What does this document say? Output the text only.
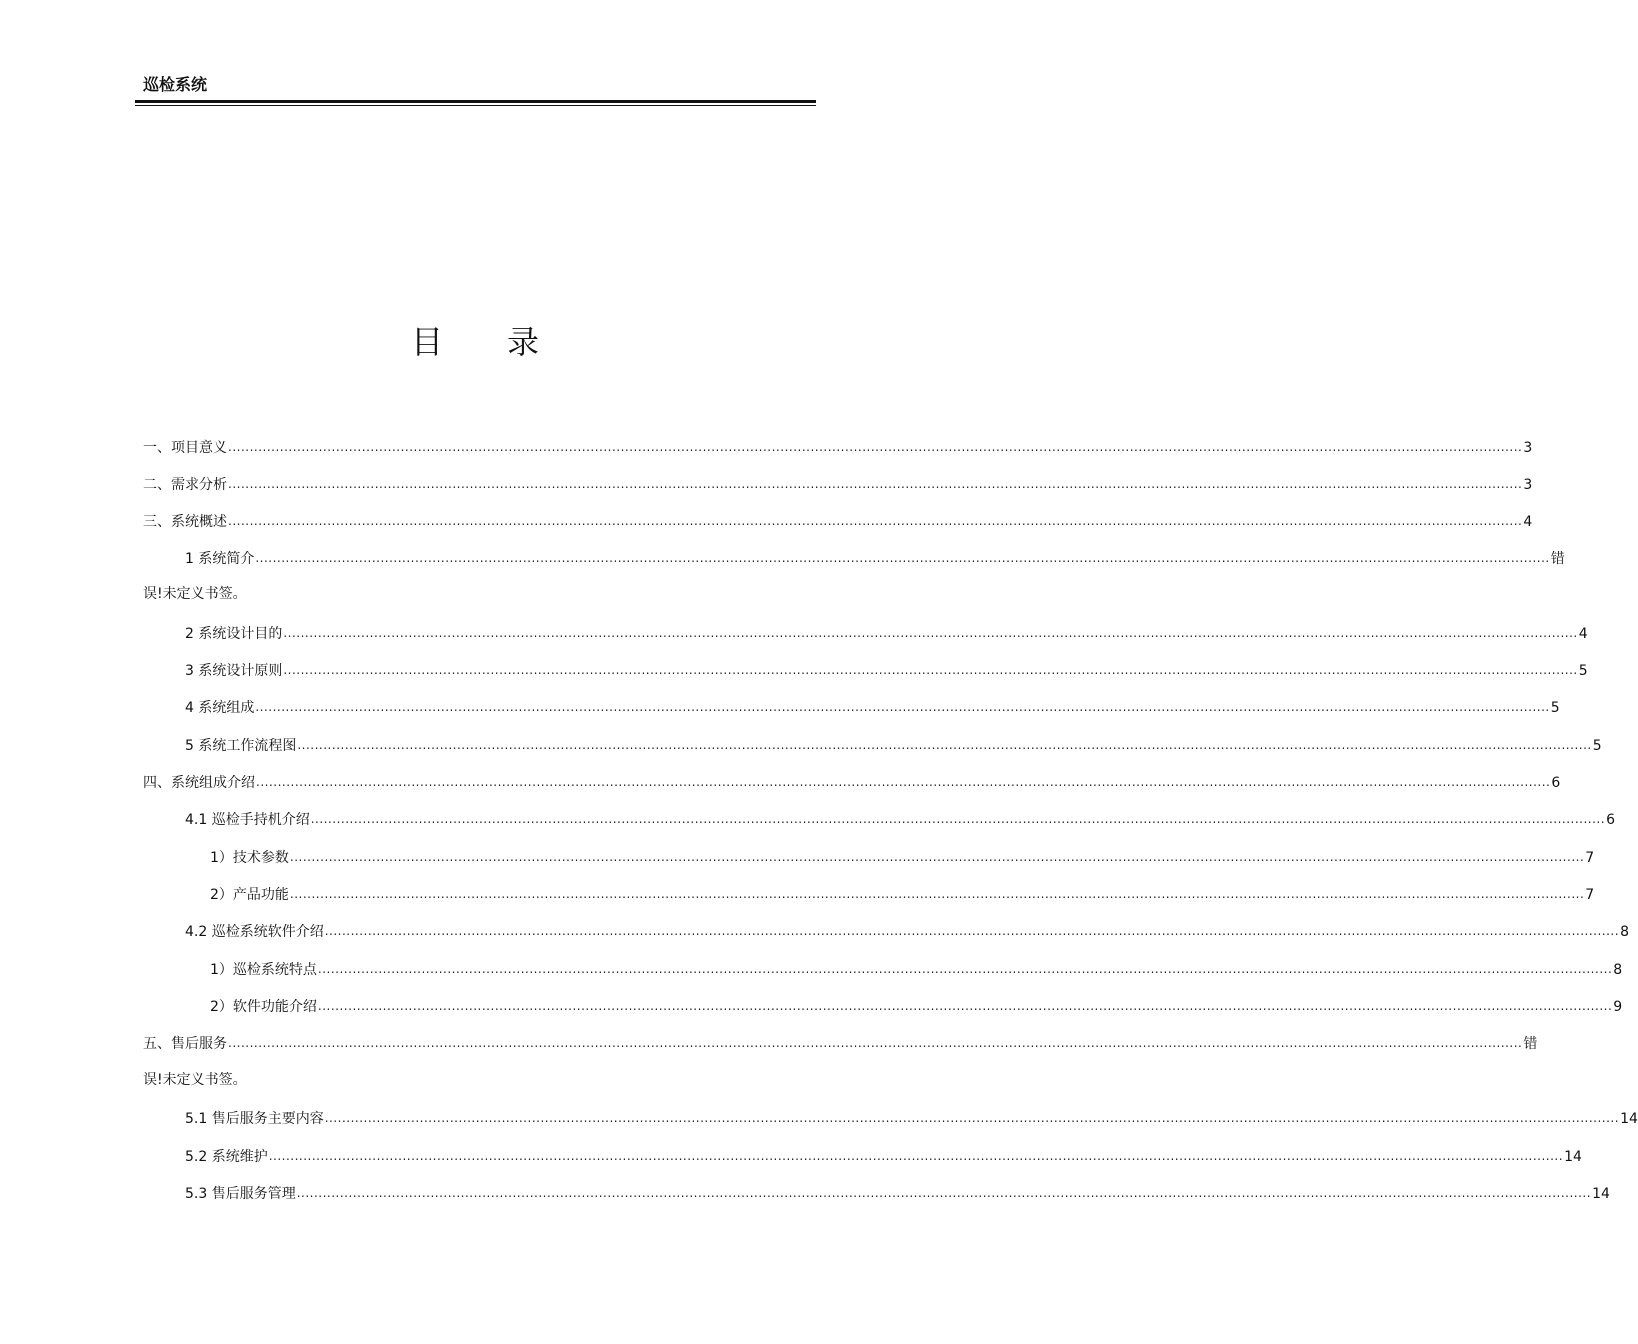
巡检系统
目　　录
一、项目意义 ............................................................................................................................................................................................................................................................................................................ 3
二、需求分析 ............................................................................................................................................................................................................................................................................................................ 3
三、系统概述 ............................................................................................................................................................................................................................................................................................................ 4
1 系统简介 ............................................................................................................................................................................................................................................................................................................ 错
误!未定义书签。
2 系统设计目的 ............................................................................................................................................................................................................................................................................................................ 4
3 系统设计原则 ............................................................................................................................................................................................................................................................................................................ 5
4 系统组成 ............................................................................................................................................................................................................................................................................................................ 5
5 系统工作流程图 ............................................................................................................................................................................................................................................................................................................ 5
四、系统组成介绍 ............................................................................................................................................................................................................................................................................................................ 6
4.1 巡检手持机介绍 ............................................................................................................................................................................................................................................................................................................ 6
1）技术参数 ............................................................................................................................................................................................................................................................................................................ 7
2）产品功能 ............................................................................................................................................................................................................................................................................................................ 7
4.2 巡检系统软件介绍 ............................................................................................................................................................................................................................................................................................................ 8
1）巡检系统特点 ............................................................................................................................................................................................................................................................................................................ 8
2）软件功能介绍 ............................................................................................................................................................................................................................................................................................................ 9
五、售后服务 ............................................................................................................................................................................................................................................................................................................ 错
误!未定义书签。
5.1 售后服务主要内容 ............................................................................................................................................................................................................................................................................................................ 14
5.2 系统维护 ............................................................................................................................................................................................................................................................................................................ 14
5.3 售后服务管理 ............................................................................................................................................................................................................................................................................................................ 14
